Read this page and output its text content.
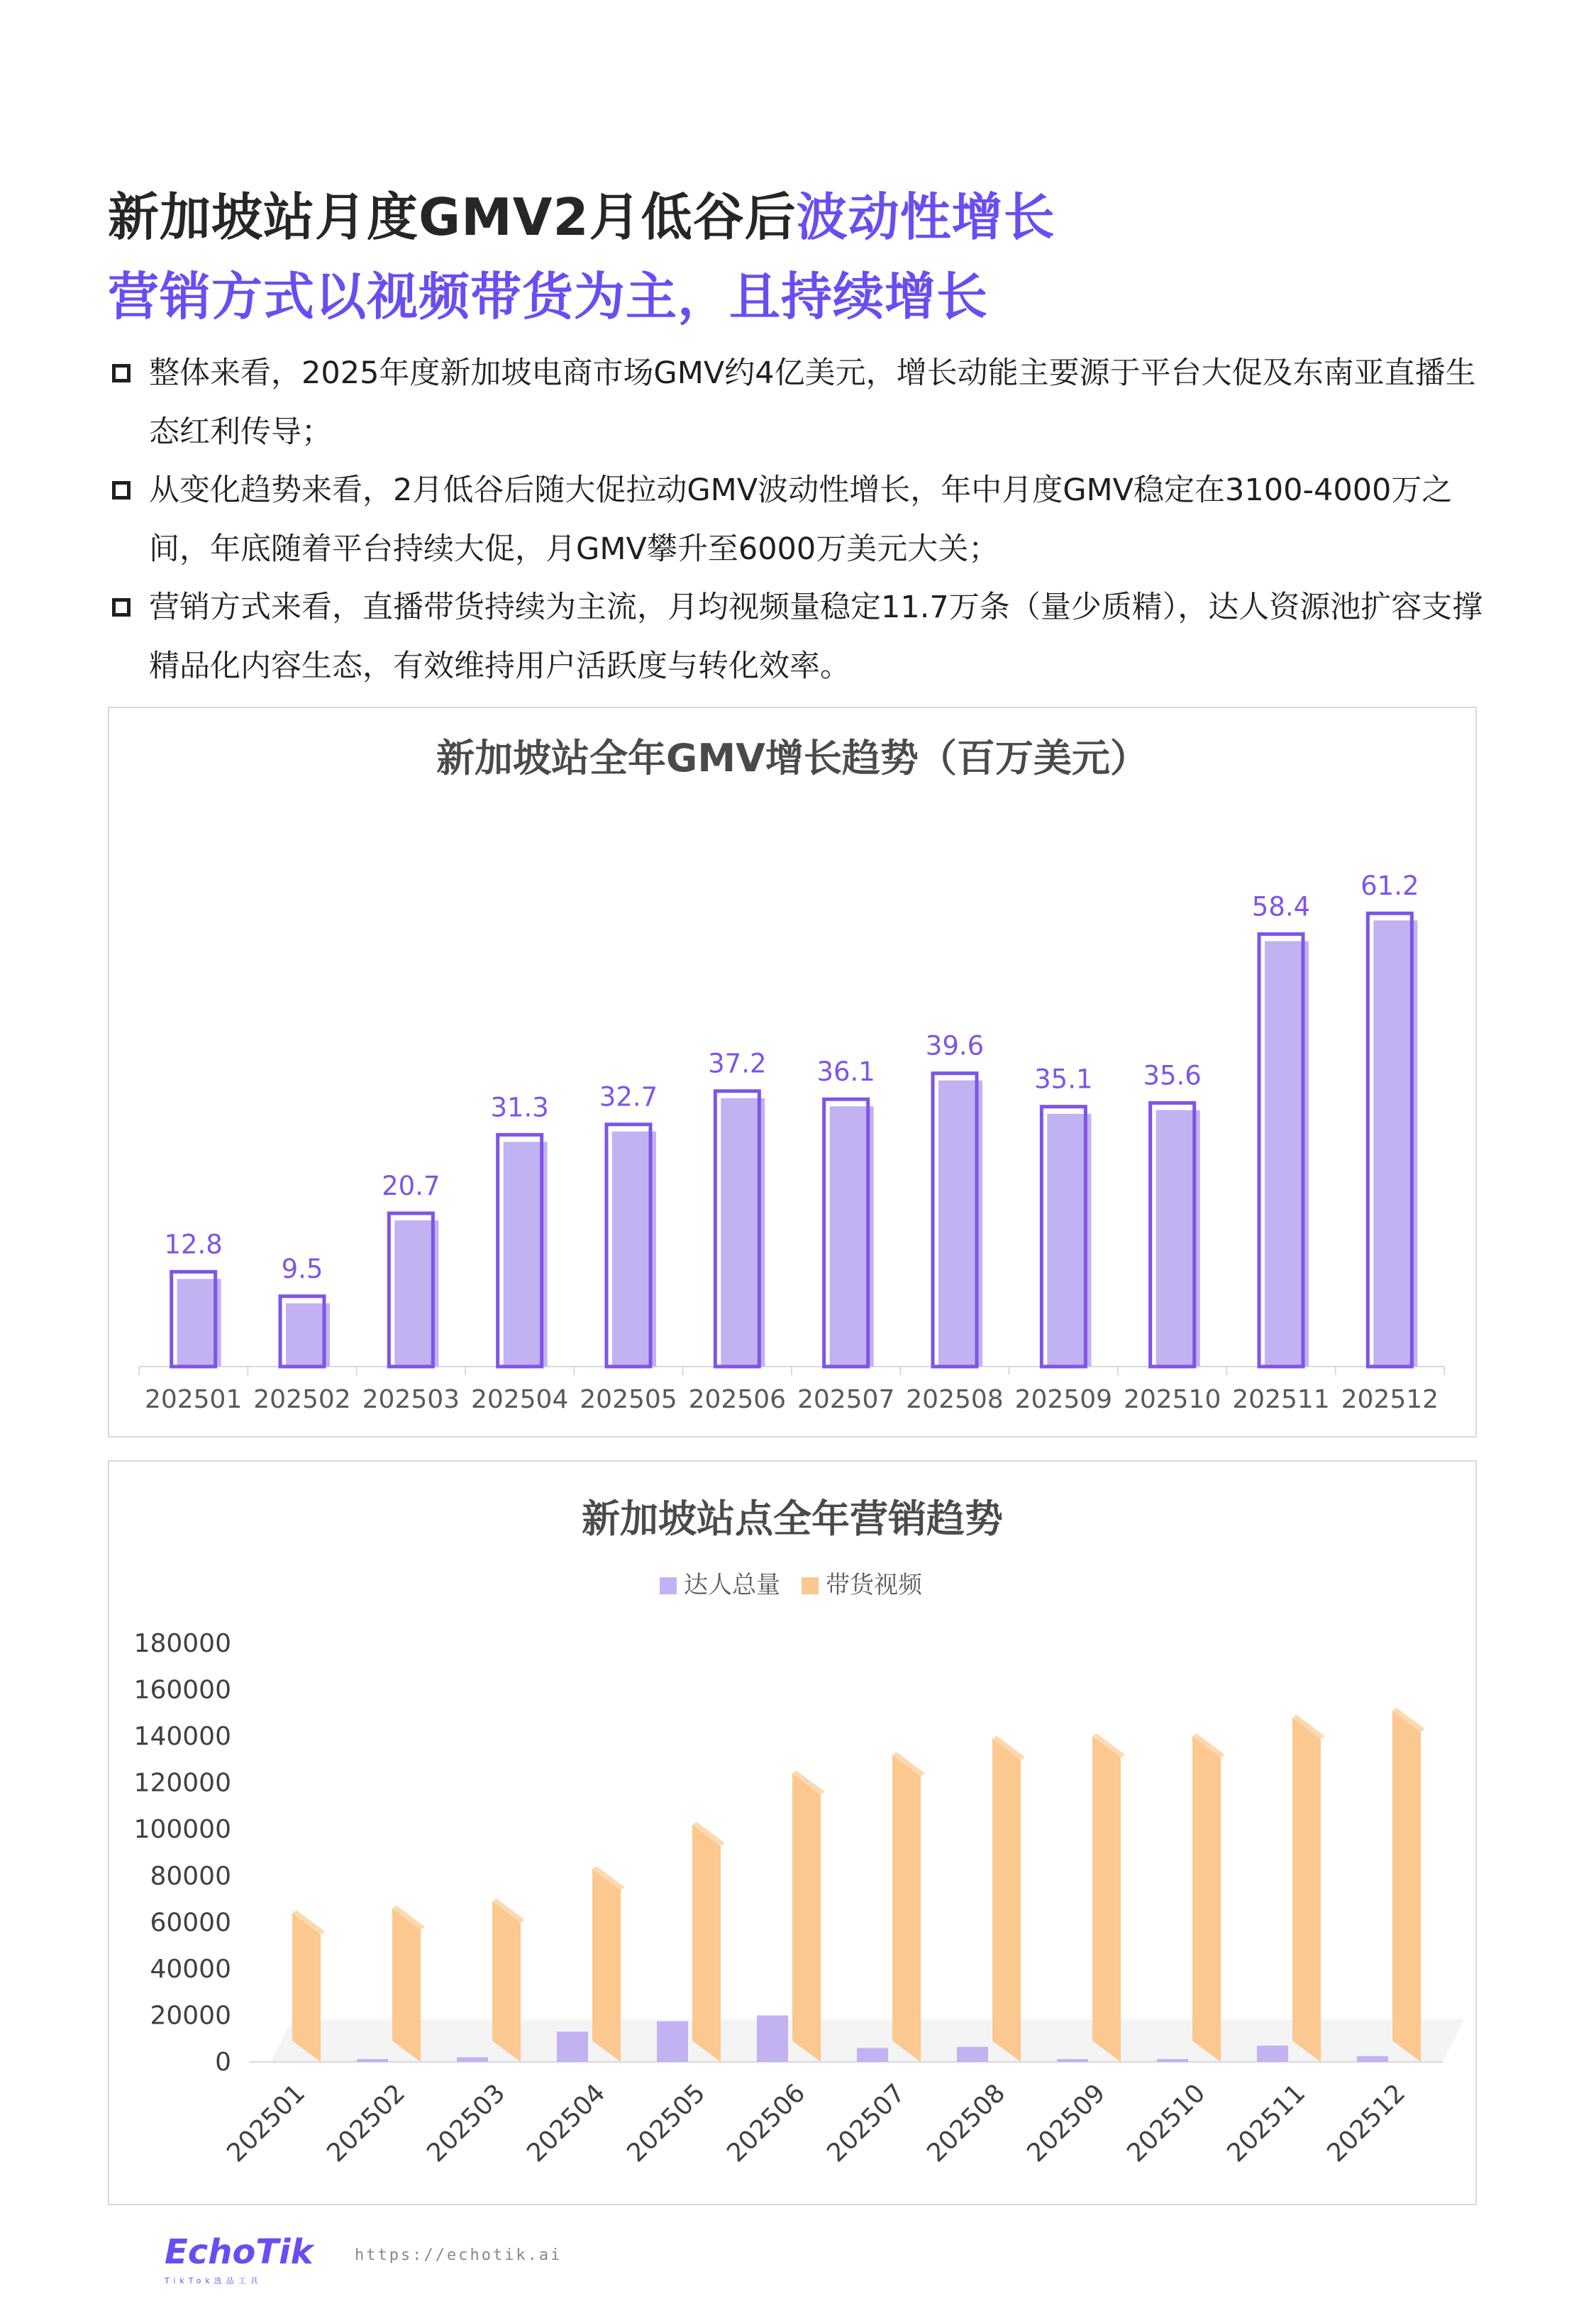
新加坡站月度GMV2月低谷后波动性增长
营销方式以视频带货为主，且持续增长
整体来看，2025年度新加坡电商市场GMV约4亿美元，增长动能主要源于平台大促及东南亚直播生态红利传导；
从变化趋势来看，2月低谷后随大促拉动GMV波动性增长，年中月度GMV稳定在3100-4000万之间，年底随着平台持续大促，月GMV攀升至6000万美元大关；
营销方式来看，直播带货持续为主流，月均视频量稳定11.7万条（量少质精），达人资源池扩容支撑精品化内容生态，有效维持用户活跃度与转化效率。
新加坡站全年GMV增长趋势（百万美元）
12.8
202501
9.5
202502
20.7
202503
31.3
202504
32.7
202505
37.2
202506
36.1
202507
39.6
202508
35.1
202509
35.6
202510
58.4
202511
61.2
202512
新加坡站点全年营销趋势
达人总量 带货视频
180000
160000
140000
120000
100000
80000
60000
40000
20000
0
202501 202502 202503 202504 202505 202506 202507 202508 202509 202510 202511 202512
EchoTik
TikTok选品工具
https://echotik.ai
